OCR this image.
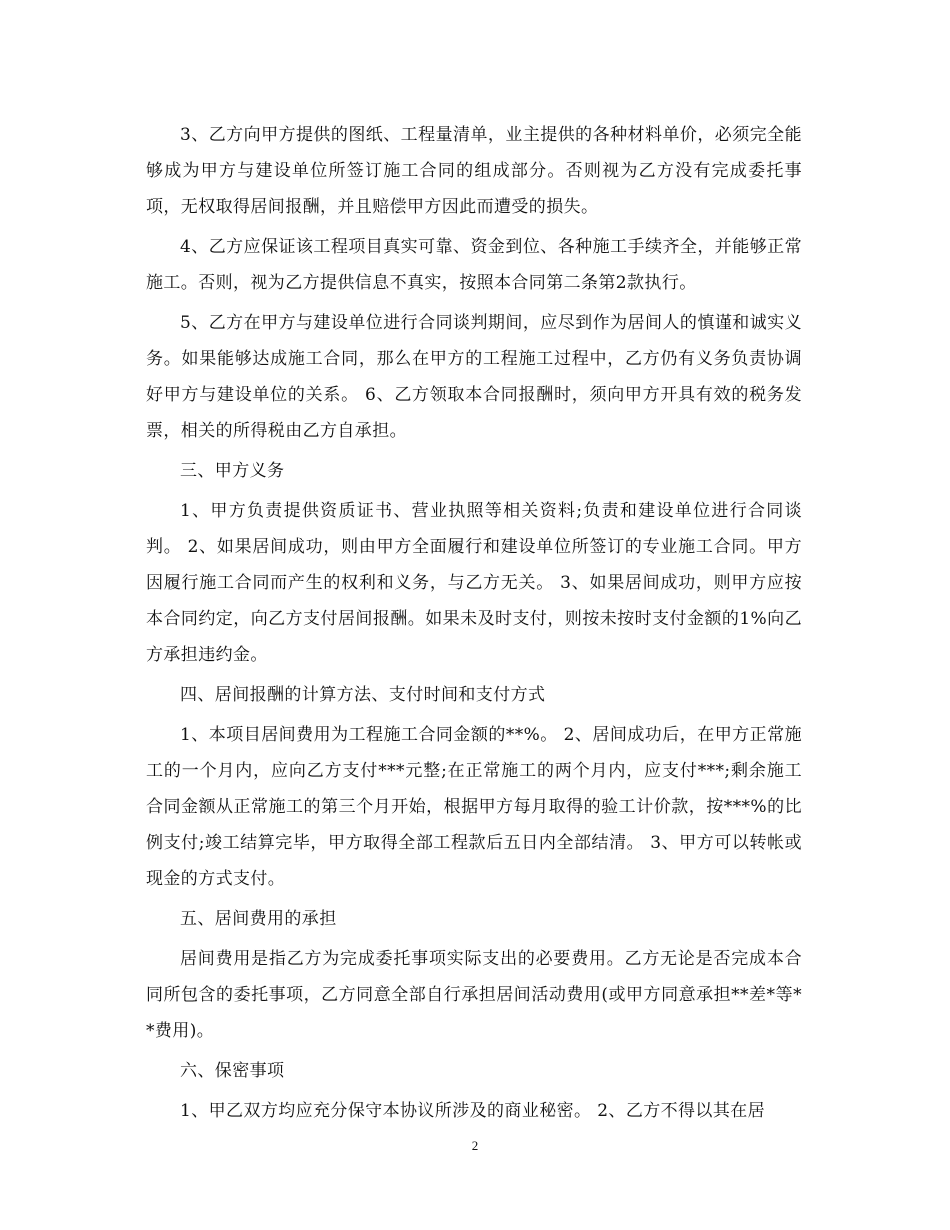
3、乙方向甲方提供的图纸、工程量清单，业主提供的各种材料单价，必须完全能够成为甲方与建设单位所签订施工合同的组成部分。否则视为乙方没有完成委托事项，无权取得居间报酬，并且赔偿甲方因此而遭受的损失。

4、乙方应保证该工程项目真实可靠、资金到位、各种施工手续齐全，并能够正常施工。否则，视为乙方提供信息不真实，按照本合同第二条第2款执行。

5、乙方在甲方与建设单位进行合同谈判期间，应尽到作为居间人的慎谨和诚实义务。如果能够达成施工合同，那么在甲方的工程施工过程中，乙方仍有义务负责协调好甲方与建设单位的关系。 6、乙方领取本合同报酬时，须向甲方开具有效的税务发票，相关的所得税由乙方自承担。

三、甲方义务

1、甲方负责提供资质证书、营业执照等相关资料;负责和建设单位进行合同谈判。 2、如果居间成功，则由甲方全面履行和建设单位所签订的专业施工合同。甲方因履行施工合同而产生的权利和义务，与乙方无关。 3、如果居间成功，则甲方应按本合同约定，向乙方支付居间报酬。如果未及时支付，则按未按时支付金额的1%向乙方承担违约金。

四、居间报酬的计算方法、支付时间和支付方式

1、本项目居间费用为工程施工合同金额的**%。 2、居间成功后，在甲方正常施工的一个月内，应向乙方支付***元整;在正常施工的两个月内，应支付***;剩余施工合同金额从正常施工的第三个月开始，根据甲方每月取得的验工计价款，按***%的比例支付;竣工结算完毕，甲方取得全部工程款后五日内全部结清。 3、甲方可以转帐或现金的方式支付。

五、居间费用的承担

居间费用是指乙方为完成委托事项实际支出的必要费用。乙方无论是否完成本合同所包含的委托事项，乙方同意全部自行承担居间活动费用(或甲方同意承担**差*等**费用)。

六、保密事项

1、甲乙双方均应充分保守本协议所涉及的商业秘密。 2、乙方不得以其在居

2
